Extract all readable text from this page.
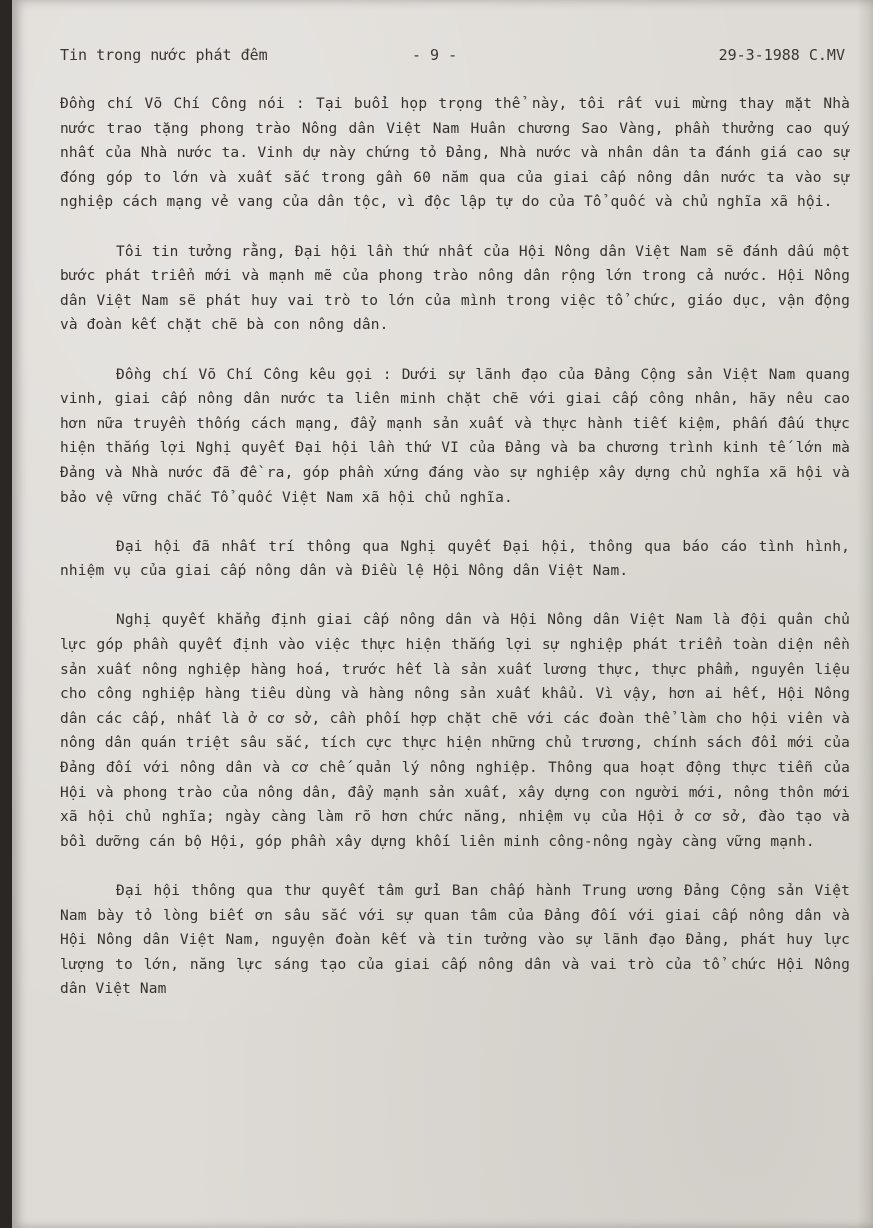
Tin trong nước phát đêm	- 9 -	29-3-1988 C.MV

Đồng chí Võ Chí Công nói : Tại buổi họp trọng thể này, tôi rất vui mừng thay mặt Nhà nước trao tặng phong trào Nông dân Việt Nam Huân chương Sao Vàng, phần thưởng cao quý nhất của Nhà nước ta. Vinh dự này chứng tỏ Đảng, Nhà nước và nhân dân ta đánh giá cao sự đóng góp to lớn và xuất sắc trong gần 60 năm qua của giai cấp nông dân nước ta vào sự nghiệp cách mạng vẻ vang của dân tộc, vì độc lập tự do của Tổ quốc và chủ nghĩa xã hội.

Tôi tin tưởng rằng, Đại hội lần thứ nhất của Hội Nông dân Việt Nam sẽ đánh dấu một bước phát triển mới và mạnh mẽ của phong trào nông dân rộng lớn trong cả nước. Hội Nông dân Việt Nam sẽ phát huy vai trò to lớn của mình trong việc tổ chức, giáo dục, vận động và đoàn kết chặt chẽ bà con nông dân.

Đồng chí Võ Chí Công kêu gọi : Dưới sự lãnh đạo của Đảng Cộng sản Việt Nam quang vinh, giai cấp nông dân nước ta liên minh chặt chẽ với giai cấp công nhân, hãy nêu cao hơn nữa truyền thống cách mạng, đẩy mạnh sản xuất và thực hành tiết kiệm, phấn đấu thực hiện thắng lợi Nghị quyết Đại hội lần thứ VI của Đảng và ba chương trình kinh tế lớn mà Đảng và Nhà nước đã đề ra, góp phần xứng đáng vào sự nghiệp xây dựng chủ nghĩa xã hội và bảo vệ vững chắc Tổ quốc Việt Nam xã hội chủ nghĩa.

Đại hội đã nhất trí thông qua Nghị quyết Đại hội, thông qua báo cáo tình hình, nhiệm vụ của giai cấp nông dân và Điều lệ Hội Nông dân Việt Nam.

Nghị quyết khẳng định giai cấp nông dân và Hội Nông dân Việt Nam là đội quân chủ lực góp phần quyết định vào việc thực hiện thắng lợi sự nghiệp phát triển toàn diện nền sản xuất nông nghiệp hàng hoá, trước hết là sản xuất lương thực, thực phẩm, nguyên liệu cho công nghiệp hàng tiêu dùng và hàng nông sản xuất khẩu. Vì vậy, hơn ai hết, Hội Nông dân các cấp, nhất là ở cơ sở, cần phối hợp chặt chẽ với các đoàn thể làm cho hội viên và nông dân quán triệt sâu sắc, tích cực thực hiện những chủ trương, chính sách đổi mới của Đảng đối với nông dân và cơ chế quản lý nông nghiệp. Thông qua hoạt động thực tiễn của Hội và phong trào của nông dân, đẩy mạnh sản xuất, xây dựng con người mới, nông thôn mới xã hội chủ nghĩa; ngày càng làm rõ hơn chức năng, nhiệm vụ của Hội ở cơ sở, đào tạo và bồi dưỡng cán bộ Hội, góp phần xây dựng khối liên minh công-nông ngày càng vững mạnh.

Đại hội thông qua thư quyết tâm gửi Ban chấp hành Trung ương Đảng Cộng sản Việt Nam bày tỏ lòng biết ơn sâu sắc với sự quan tâm của Đảng đối với giai cấp nông dân và Hội Nông dân Việt Nam, nguyện đoàn kết và tin tưởng vào sự lãnh đạo Đảng, phát huy lực lượng to lớn, năng lực sáng tạo của giai cấp nông dân và vai trò của tổ chức Hội Nông dân Việt Nam
